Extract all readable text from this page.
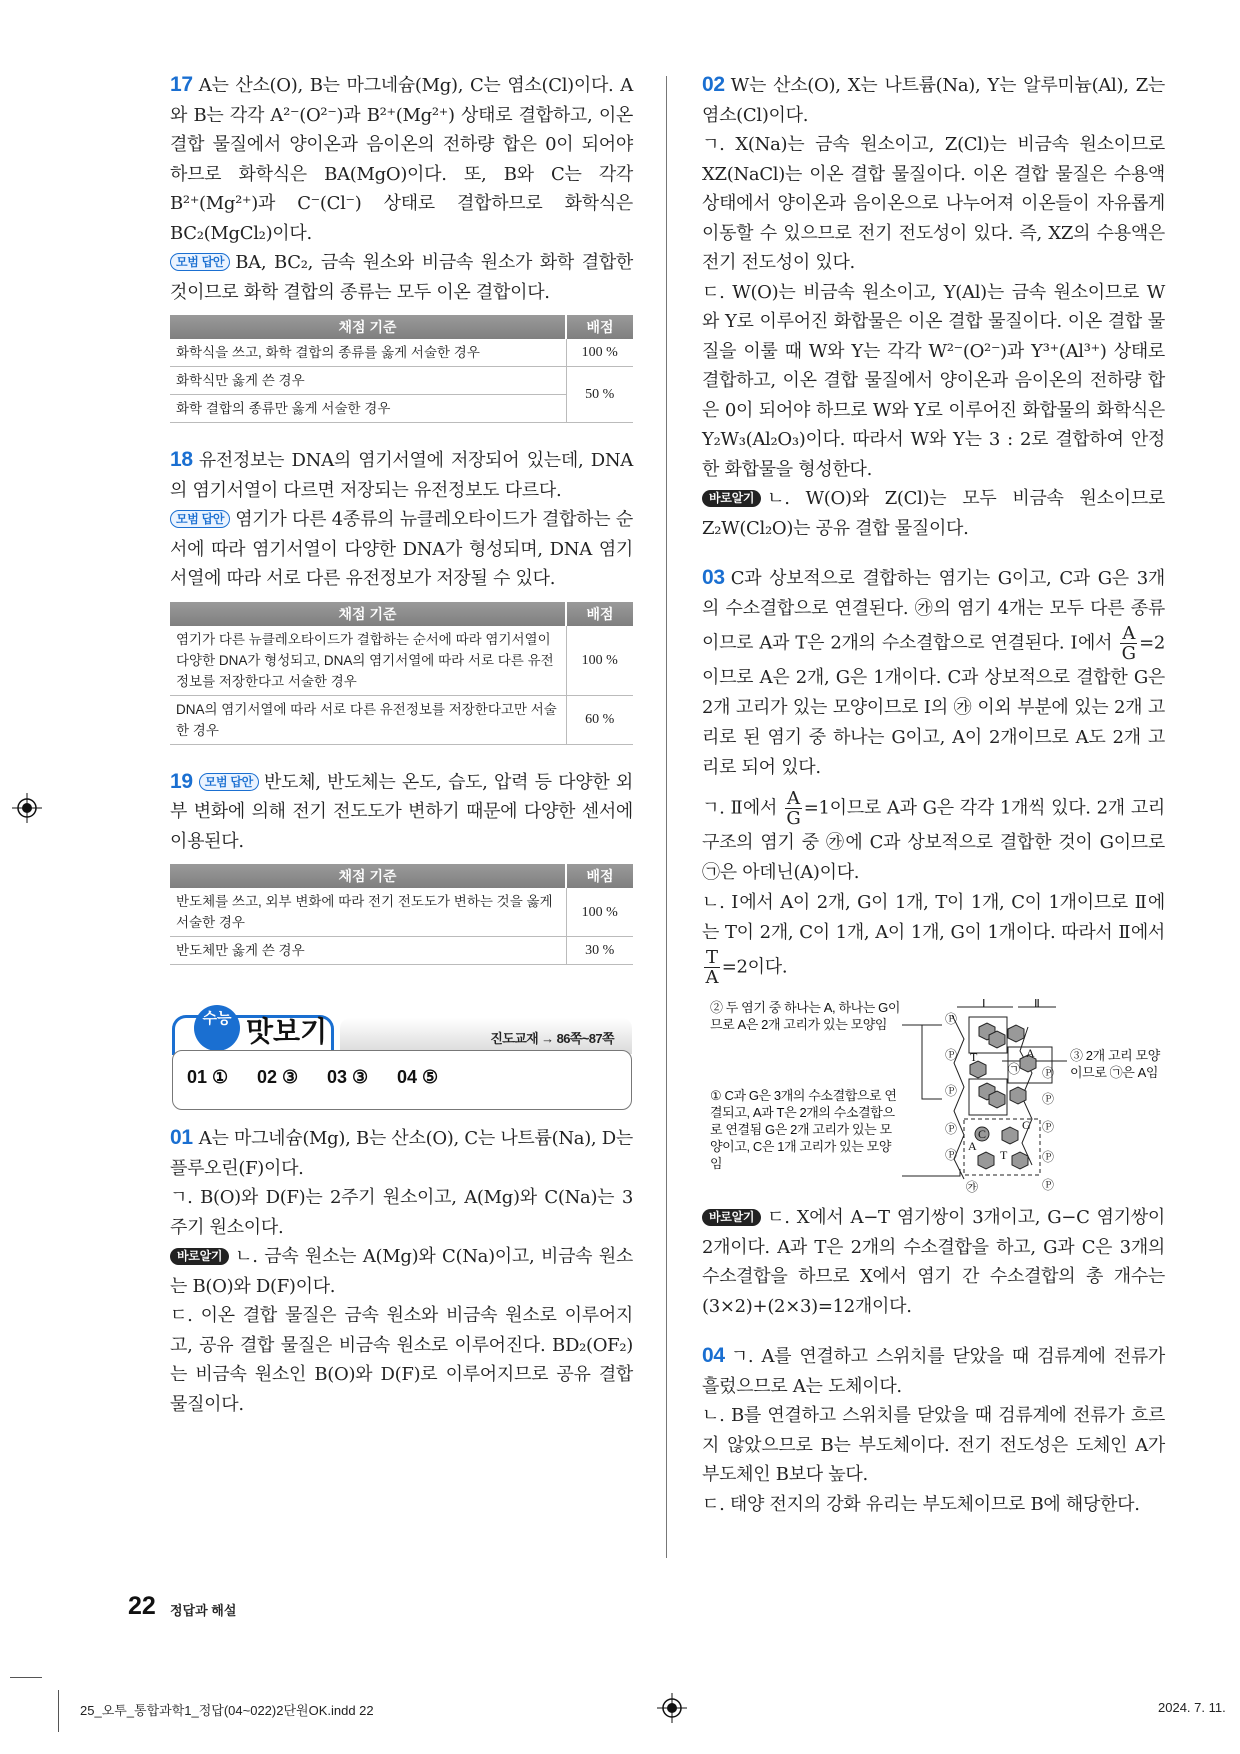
17 A는 산소(O), B는 마그네슘(Mg), C는 염소(Cl)이다. A와 B는 각각 A²⁻(O²⁻)과 B²⁺(Mg²⁺) 상태로 결합하고, 이온 결합 물질에서 양이온과 음이온의 전하량 합은 0이 되어야 하므로 화학식은 BA(MgO)이다. 또, B와 C는 각각 B²⁺(Mg²⁺)과 C⁻(Cl⁻) 상태로 결합하므로 화학식은 BC₂(MgCl₂)이다.

모범 답안 BA, BC₂, 금속 원소와 비금속 원소가 화학 결합한 것이므로 화학 결합의 종류는 모두 이온 결합이다.

채점 기준	배점
화학식을 쓰고, 화학 결합의 종류를 옳게 서술한 경우	100 %
화학식만 옳게 쓴 경우	50 %
화학 결합의 종류만 옳게 서술한 경우	

18 유전정보는 DNA의 염기서열에 저장되어 있는데, DNA의 염기서열이 다르면 저장되는 유전정보도 다르다.

모범 답안 염기가 다른 4종류의 뉴클레오타이드가 결합하는 순서에 따라 염기서열이 다양한 DNA가 형성되며, DNA 염기서열에 따라 서로 다른 유전정보가 저장될 수 있다.

채점 기준	배점
염기가 다른 뉴클레오타이드가 결합하는 순서에 따라 염기서열이 다양한 DNA가 형성되고, DNA의 염기서열에 따라 서로 다른 유전정보를 저장한다고 서술한 경우	100 %
DNA의 염기서열에 따라 서로 다른 유전정보를 저장한다고만 서술한 경우	60 %

19 모범 답안 반도체, 반도체는 온도, 습도, 압력 등 다양한 외부 변화에 의해 전기 전도도가 변하기 때문에 다양한 센서에 이용된다.

채점 기준	배점
반도체를 쓰고, 외부 변화에 따라 전기 전도도가 변하는 것을 옳게 서술한 경우	100 %
반도체만 옳게 쓴 경우	30 %
진도교재 → 86쪽~87쪽
수능 맛보기
01 ① 02 ③ 03 ③ 04 ⑤

01 A는 마그네슘(Mg), B는 산소(O), C는 나트륨(Na), D는 플루오린(F)이다.

ㄱ. B(O)와 D(F)는 2주기 원소이고, A(Mg)와 C(Na)는 3주기 원소이다.

바로알기 ㄴ. 금속 원소는 A(Mg)와 C(Na)이고, 비금속 원소는 B(O)와 D(F)이다.

ㄷ. 이온 결합 물질은 금속 원소와 비금속 원소로 이루어지고, 공유 결합 물질은 비금속 원소로 이루어진다. BD₂(OF₂)는 비금속 원소인 B(O)와 D(F)로 이루어지므로 공유 결합 물질이다.

02 W는 산소(O), X는 나트륨(Na), Y는 알루미늄(Al), Z는 염소(Cl)이다.

ㄱ. X(Na)는 금속 원소이고, Z(Cl)는 비금속 원소이므로 XZ(NaCl)는 이온 결합 물질이다. 이온 결합 물질은 수용액 상태에서 양이온과 음이온으로 나누어져 이온들이 자유롭게 이동할 수 있으므로 전기 전도성이 있다. 즉, XZ의 수용액은 전기 전도성이 있다.

ㄷ. W(O)는 비금속 원소이고, Y(Al)는 금속 원소이므로 W와 Y로 이루어진 화합물은 이온 결합 물질이다. 이온 결합 물질을 이룰 때 W와 Y는 각각 W²⁻(O²⁻)과 Y³⁺(Al³⁺) 상태로 결합하고, 이온 결합 물질에서 양이온과 음이온의 전하량 합은 0이 되어야 하므로 W와 Y로 이루어진 화합물의 화학식은 Y₂W₃(Al₂O₃)이다. 따라서 W와 Y는 3 : 2로 결합하여 안정한 화합물을 형성한다.

바로알기 ㄴ. W(O)와 Z(Cl)는 모두 비금속 원소이므로 Z₂W(Cl₂O)는 공유 결합 물질이다.

03 C과 상보적으로 결합하는 염기는 G이고, C과 G은 3개의 수소결합으로 연결된다. ㉮의 염기 4개는 모두 다른 종류이므로 A과 T은 2개의 수소결합으로 연결된다. Ⅰ에서 $\frac{A}{G} =2$이므로 A은 2개, G은 1개이다. C과 상보적으로 결합한 G은 2개 고리가 있는 모양이므로 Ⅰ의 ㉮ 이외 부분에 있는 2개 고리로 된 염기 중 하나는 G이고, A이 2개이므로 A도 2개 고리로 되어 있다.

ㄱ. Ⅱ에서 $\frac{A}{G} =1$이므로 A과 G은 각각 1개씩 있다. 2개 고리 구조의 염기 중 ㉮에 C과 상보적으로 결합한 것이 G이므로 ㉠은 아데닌(A)이다.

ㄴ. Ⅰ에서 A이 2개, G이 1개, T이 1개, C이 1개이므로 Ⅱ에는 T이 2개, C이 1개, A이 1개, G이 1개이다. 따라서 Ⅱ에서
$\frac{T}{A} =2$이다.

② 두 염기 중 하나는 A, 하나는 G이므로 A은 2개 고리가 있는 모양임
① C과 G은 3개의 수소결합으로 연결되고, A과 T은 2개의 수소결합으로 연결됨 G은 2개 고리가 있는 모양이고, C은 1개 고리가 있는 모양임
③ 2개 고리 모양이므로 ㉠은 A임
Ⅰ	Ⅱ
Ⓟ
Ⓟ
Ⓟ
Ⓟ
Ⓟ
Ⓟ
Ⓟ
Ⓟ
Ⓟ
Ⓟ
T	A
㉠
C
G
A
T
㉮

바로알기 ㄷ. X에서 A−T 염기쌍이 3개이고, G−C 염기쌍이 2개이다. A과 T은 2개의 수소결합을 하고, G과 C은 3개의 수소결합을 하므로 X에서 염기 간 수소결합의 총 개수는 (3×2)+(2×3)=12개이다.

04 ㄱ. A를 연결하고 스위치를 닫았을 때 검류계에 전류가 흘렀으므로 A는 도체이다.

ㄴ. B를 연결하고 스위치를 닫았을 때 검류계에 전류가 흐르지 않았으므로 B는 부도체이다. 전기 전도성은 도체인 A가 부도체인 B보다 높다.

ㄷ. 태양 전지의 강화 유리는 부도체이므로 B에 해당한다.

22 정답과 해설
25_오투_통합과학1_정답(04~022)2단원OK.indd 22	2024. 7. 11.
